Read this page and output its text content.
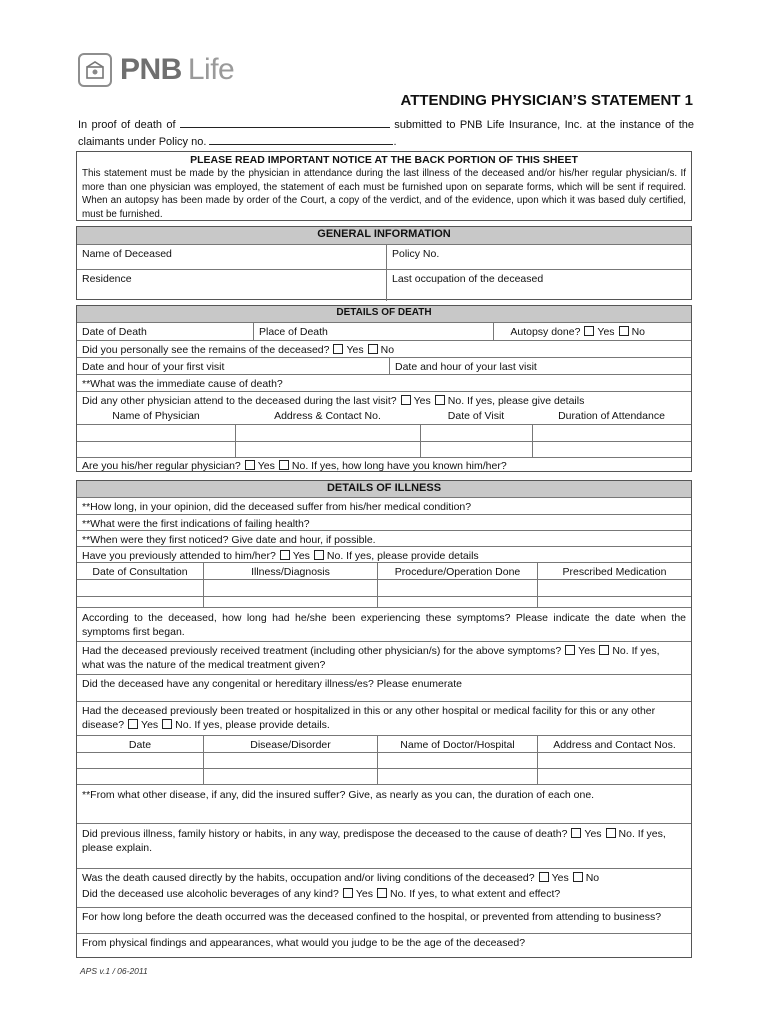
PNB Life
ATTENDING PHYSICIAN’S STATEMENT 1
In proof of death of	submitted to PNB Life Insurance, Inc. at the instance of the claimants under Policy no.	.
PLEASE READ IMPORTANT NOTICE AT THE BACK PORTION OF THIS SHEET
This statement must be made by the physician in attendance during the last illness of the deceased and/or his/her regular physician/s. If more than one physician was employed, the statement of each must be furnished upon on separate forms, which will be sent if required. When an autopsy has been made by order of the Court, a copy of the verdict, and of the evidence, upon which it was based duly certified, must be furnished.
GENERAL INFORMATION
Name of Deceased	Policy No.
Residence	Last occupation of the deceased
DETAILS OF DEATH
Date of Death	Place of Death	Autopsy done? Yes No
Did you personally see the remains of the deceased? Yes No
Date and hour of your first visit	Date and hour of your last visit
**What was the immediate cause of death?
Did any other physician attend to the deceased during the last visit? Yes No. If yes, please give details
Name of Physician	Address & Contact No.	Date of Visit	Duration of Attendance
Are you his/her regular physician? Yes No. If yes, how long have you known him/her?
DETAILS OF ILLNESS
**How long, in your opinion, did the deceased suffer from his/her medical condition?
**What were the first indications of failing health?
**When were they first noticed? Give date and hour, if possible.
Have you previously attended to him/her? Yes No. If yes, please provide details
Date of Consultation	Illness/Diagnosis	Procedure/Operation Done	Prescribed Medication
According to the deceased, how long had he/she been experiencing these symptoms? Please indicate the date when the symptoms first began.
Had the deceased previously received treatment (including other physician/s) for the above symptoms? Yes No. If yes,
what was the nature of the medical treatment given?
Did the deceased have any congenital or hereditary illness/es? Please enumerate
Had the deceased previously been treated or hospitalized in this or any other hospital or medical facility for this or any other
disease? Yes No. If yes, please provide details.
Date	Disease/Disorder	Name of Doctor/Hospital	Address and Contact Nos.
**From what other disease, if any, did the insured suffer? Give, as nearly as you can, the duration of each one.
Did previous illness, family history or habits, in any way, predispose the deceased to the cause of death? Yes No. If yes,
please explain.
Was the death caused directly by the habits, occupation and/or living conditions of the deceased? Yes No
Did the deceased use alcoholic beverages of any kind? Yes No. If yes, to what extent and effect?
For how long before the death occurred was the deceased confined to the hospital, or prevented from attending to business?
From physical findings and appearances, what would you judge to be the age of the deceased?
APS v.1 / 06-2011
